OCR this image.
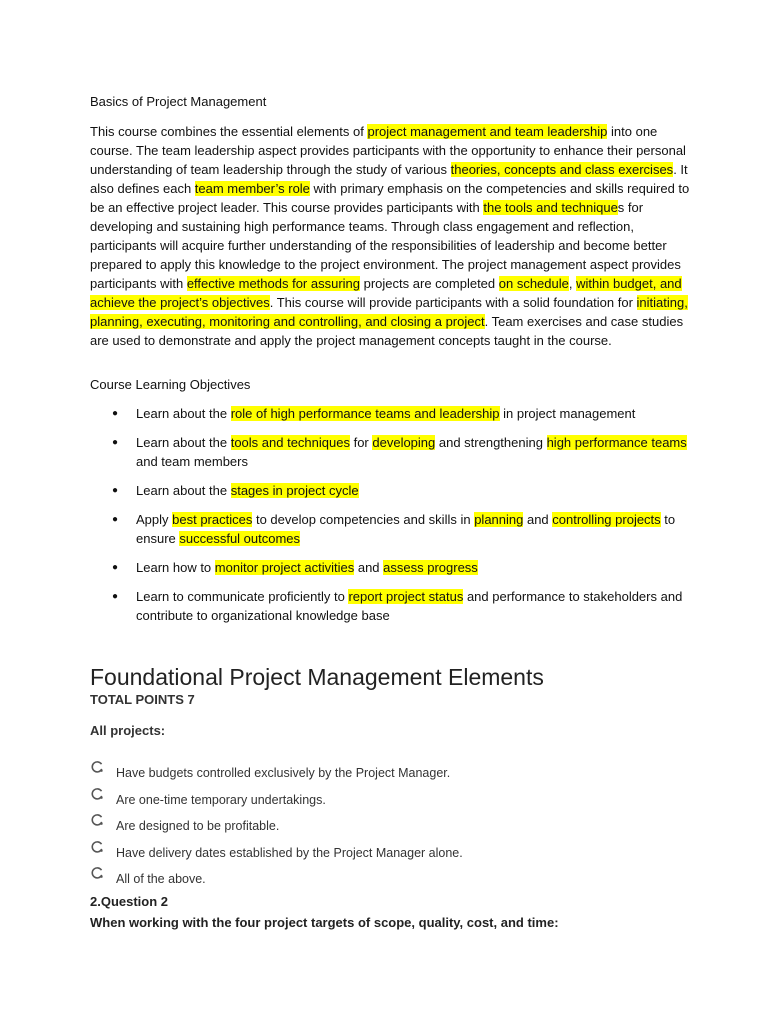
Basics of Project Management
This course combines the essential elements of project management and team leadership into one course. The team leadership aspect provides participants with the opportunity to enhance their personal understanding of team leadership through the study of various theories, concepts and class exercises. It also defines each team member’s role with primary emphasis on the competencies and skills required to be an effective project leader. This course provides participants with the tools and techniques for developing and sustaining high performance teams. Through class engagement and reflection, participants will acquire further understanding of the responsibilities of leadership and become better prepared to apply this knowledge to the project environment. The project management aspect provides participants with effective methods for assuring projects are completed on schedule, within budget, and achieve the project’s objectives. This course will provide participants with a solid foundation for initiating, planning, executing, monitoring and controlling, and closing a project. Team exercises and case studies are used to demonstrate and apply the project management concepts taught in the course.
Course Learning Objectives
● Learn about the role of high performance teams and leadership in project management
● Learn about the tools and techniques for developing and strengthening high performance teams and team members
● Learn about the stages in project cycle
● Apply best practices to develop competencies and skills in planning and controlling projects to ensure successful outcomes
● Learn how to monitor project activities and assess progress
● Learn to communicate proficiently to report project status and performance to stakeholders and contribute to organizational knowledge base
Foundational Project Management Elements
TOTAL POINTS 7
All projects:
Have budgets controlled exclusively by the Project Manager.
Are one-time temporary undertakings.
Are designed to be profitable.
Have delivery dates established by the Project Manager alone.
All of the above.
2.Question 2
When working with the four project targets of scope, quality, cost, and time:
